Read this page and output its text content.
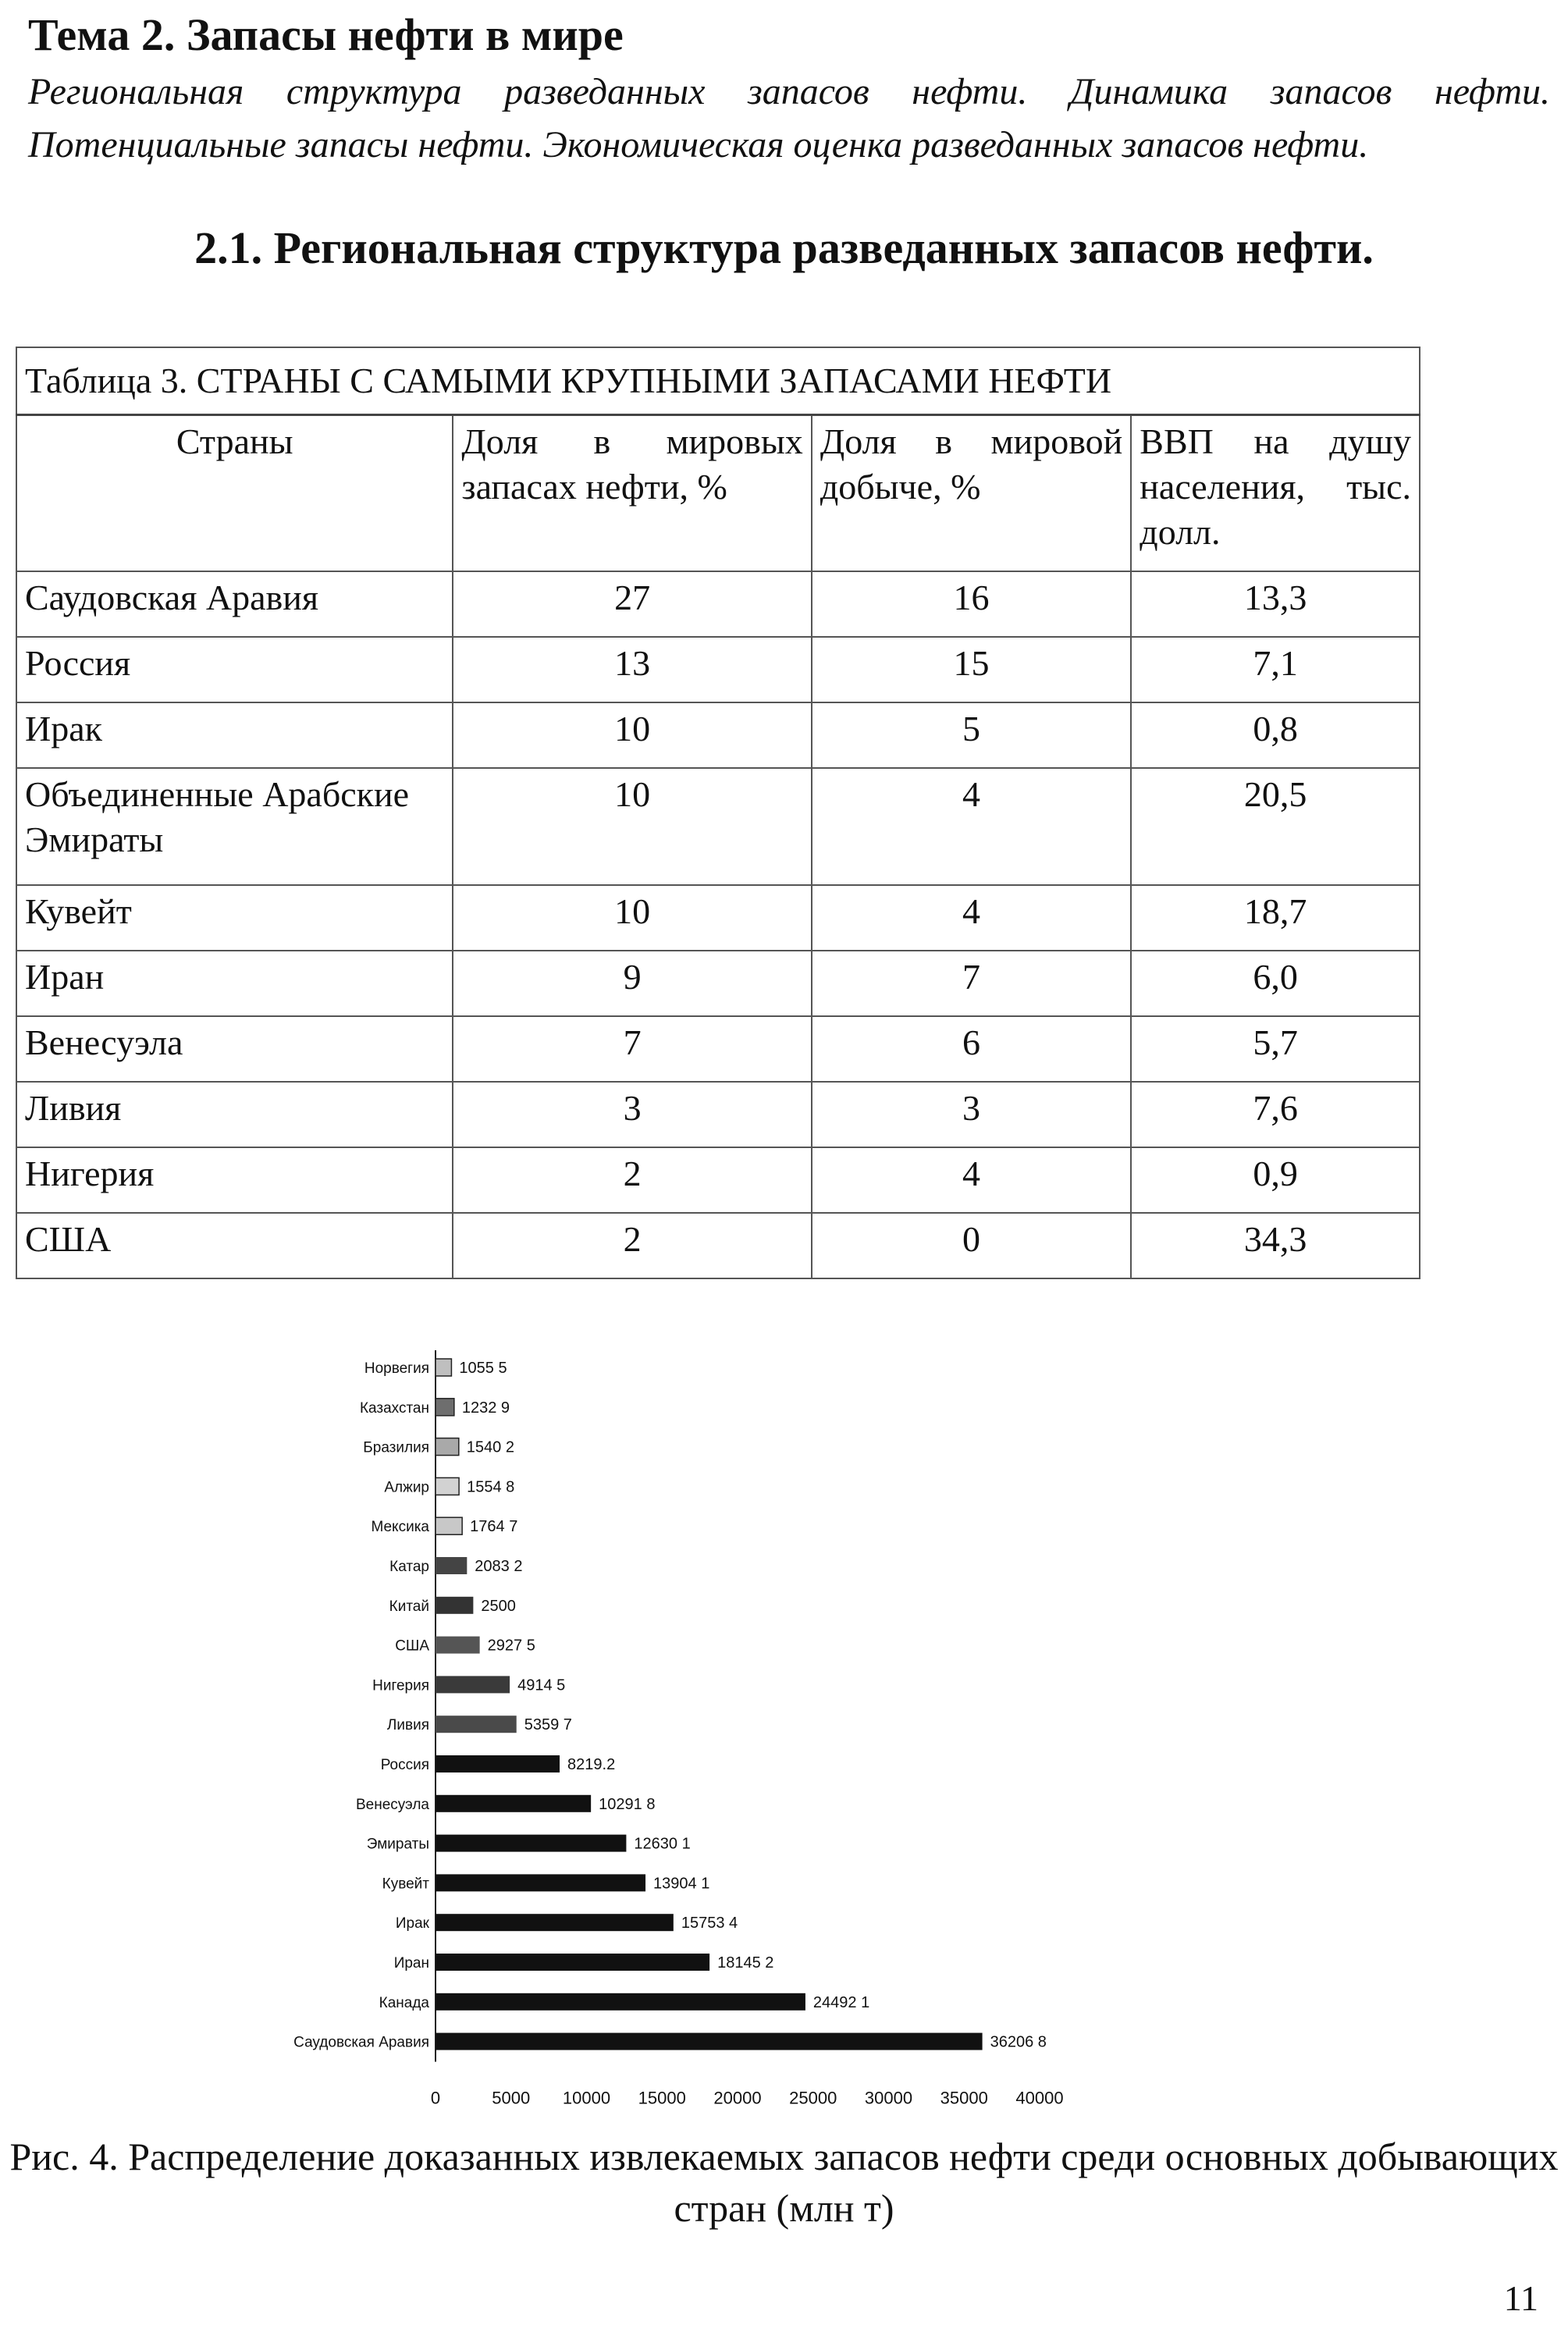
Тема 2. Запасы нефти в мире

Региональная структура разведанных запасов нефти. Динамика запасов нефти. Потенциальные запасы нефти. Экономическая оценка разведанных запасов нефти.

2.1. Региональная структура разведанных запасов нефти.
Таблица 3. СТРАНЫ С САМЫМИ КРУПНЫМИ ЗАПАСАМИ НЕФТИ			
Страны	Доля в мировых запасах нефти, %	Доля в мировой добыче, %	ВВП на душу населения, тыс. долл.
Саудовская Аравия	27	16	13,3
Россия	13	15	7,1
Ирак	10	5	0,8
Объединенные Арабские Эмираты	10	4	20,5
Кувейт	10	4	18,7
Иран	9	7	6,0
Венесуэла	7	6	5,7
Ливия	3	3	7,6
Нигерия	2	4	0,9
США	2	0	34,3
Норвегия 1055 5
Казахстан 1232 9
Бразилия 1540 2
Алжир 1554 8
Мексика	1764 7
Катар	2083 2
Китай	2500
США	2927 5
Нигерия	4914 5
Ливия	5359 7
Россия	8219.2
Венесуэла	10291 8
Эмираты	12630 1
Кувейт	13904 1
Ирак	15753 4
Иран	18145 2
Канада	24492 1
Саудовская Аравия	36206 8
0	5000 10000 15000 20000 25000 30000 35000 40000

Рис. 4. Распределение доказанных извлекаемых запасов нефти среди основных добывающих стран (млн т)

11
